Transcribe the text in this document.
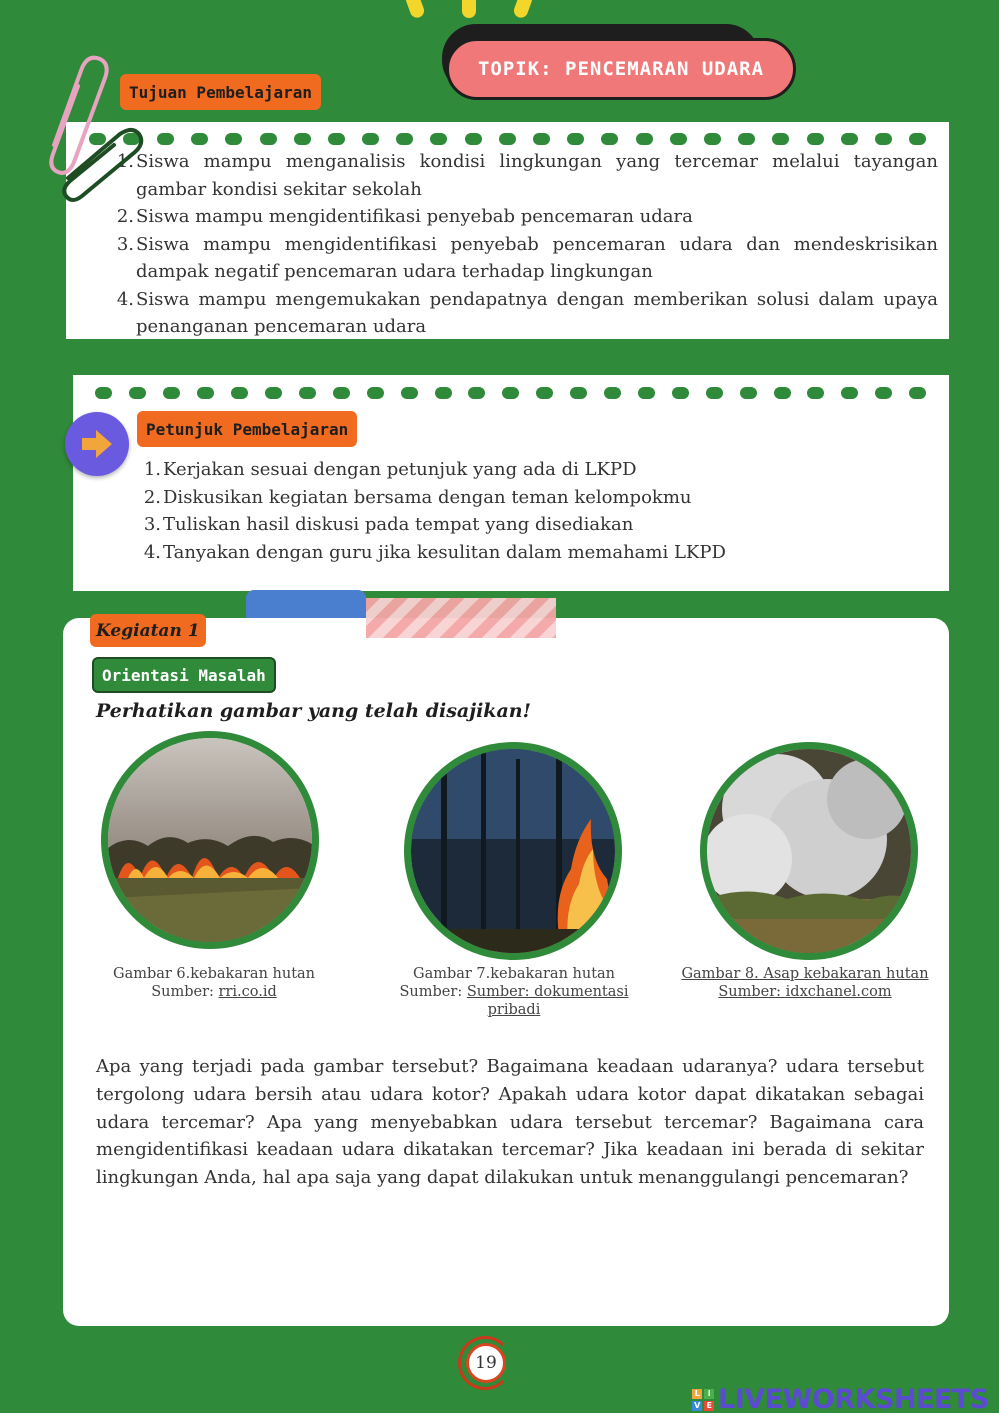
TOPIK: PENCEMARAN UDARA
Tujuan Pembelajaran
1. Siswa mampu menganalisis kondisi lingkungan yang tercemar melalui tayangan gambar kondisi sekitar sekolah
2. Siswa mampu mengidentifikasi penyebab pencemaran udara
3. Siswa mampu mengidentifikasi penyebab pencemaran udara dan mendeskrisikan dampak negatif pencemaran udara terhadap lingkungan
4. Siswa mampu mengemukakan pendapatnya dengan memberikan solusi dalam upaya penanganan pencemaran udara
1. Kerjakan sesuai dengan petunjuk yang ada di LKPD
2. Diskusikan kegiatan bersama dengan teman kelompokmu
3. Tuliskan hasil diskusi pada tempat yang disediakan
4. Tanyakan dengan guru jika kesulitan dalam memahami LKPD
Petunjuk Pembelajaran
Kegiatan 1
Orientasi Masalah
Perhatikan gambar yang telah disajikan!
Gambar 6.kebakaran hutan
Sumber: rri.co.id
Gambar 7.kebakaran hutan
Sumber: Sumber: dokumentasi pribadi
Gambar 8. Asap kebakaran hutan
Sumber: idxchanel.com
Apa yang terjadi pada gambar tersebut? Bagaimana keadaan udaranya? udara tersebut tergolong udara bersih atau udara kotor? Apakah udara kotor dapat dikatakan sebagai udara tercemar? Apa yang menyebabkan udara tersebut tercemar? Bagaimana cara mengidentifikasi keadaan udara dikatakan tercemar? Jika keadaan ini berada di sekitar lingkungan Anda, hal apa saja yang dapat dilakukan untuk menanggulangi pencemaran?
19
L	I
V E LIVEWORKSHEETS
